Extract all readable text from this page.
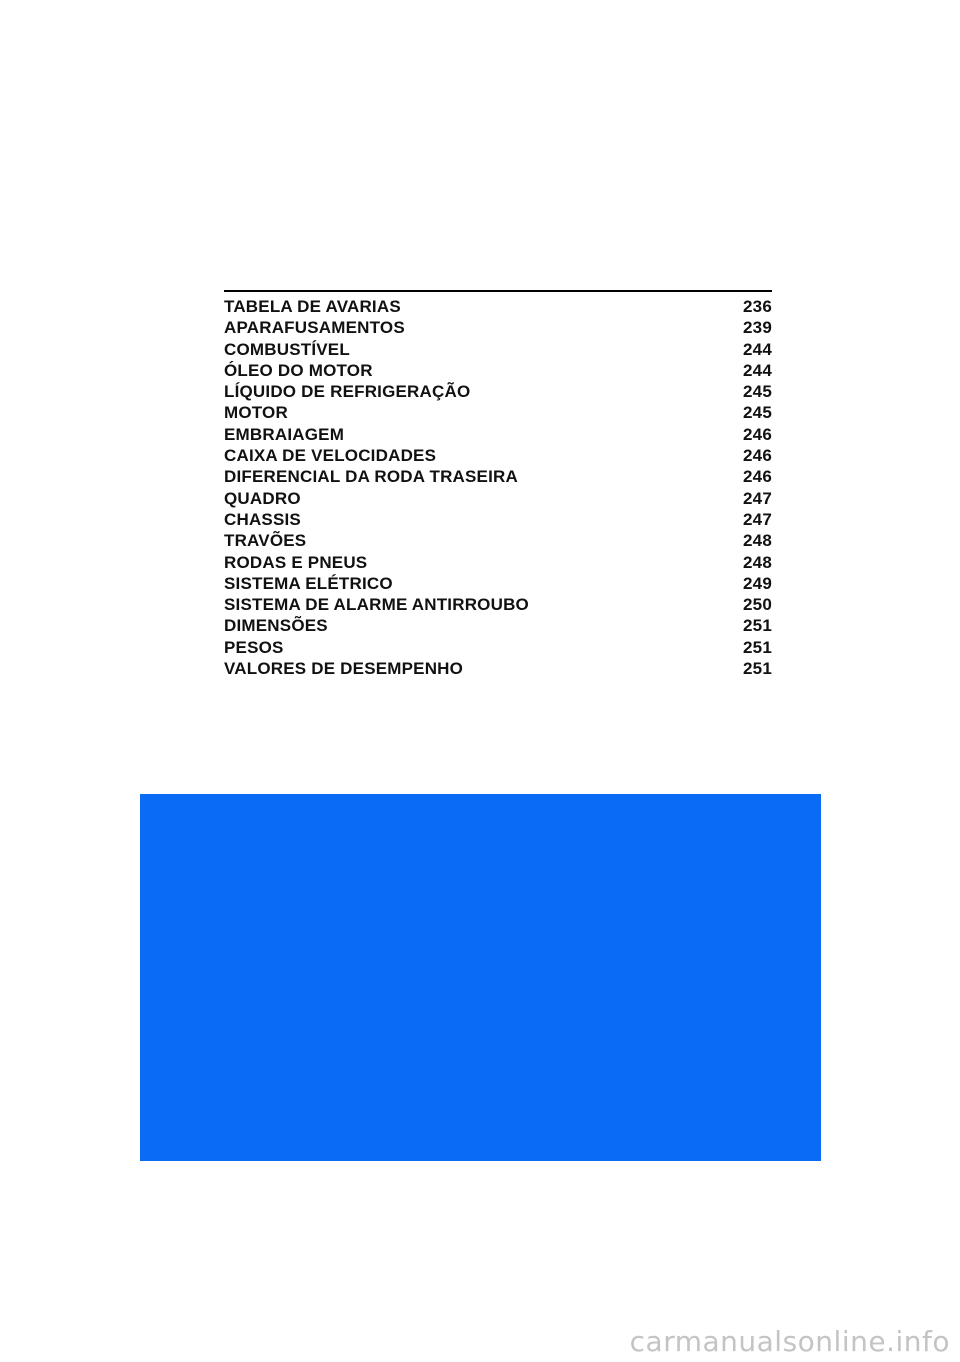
TABELA DE AVARIAS	236
APARAFUSAMENTOS	239
COMBUSTÍVEL	244
ÓLEO DO MOTOR	244
LÍQUIDO DE REFRIGERAÇÃO	245
MOTOR	245
EMBRAIAGEM	246
CAIXA DE VELOCIDADES	246
DIFERENCIAL DA RODA TRASEIRA	246
QUADRO	247
CHASSIS	247
TRAVÕES	248
RODAS E PNEUS	248
SISTEMA ELÉTRICO	249
SISTEMA DE ALARME ANTIRROUBO	250
DIMENSÕES	251
PESOS	251
VALORES DE DESEMPENHO	251
carmanualsonline.info
